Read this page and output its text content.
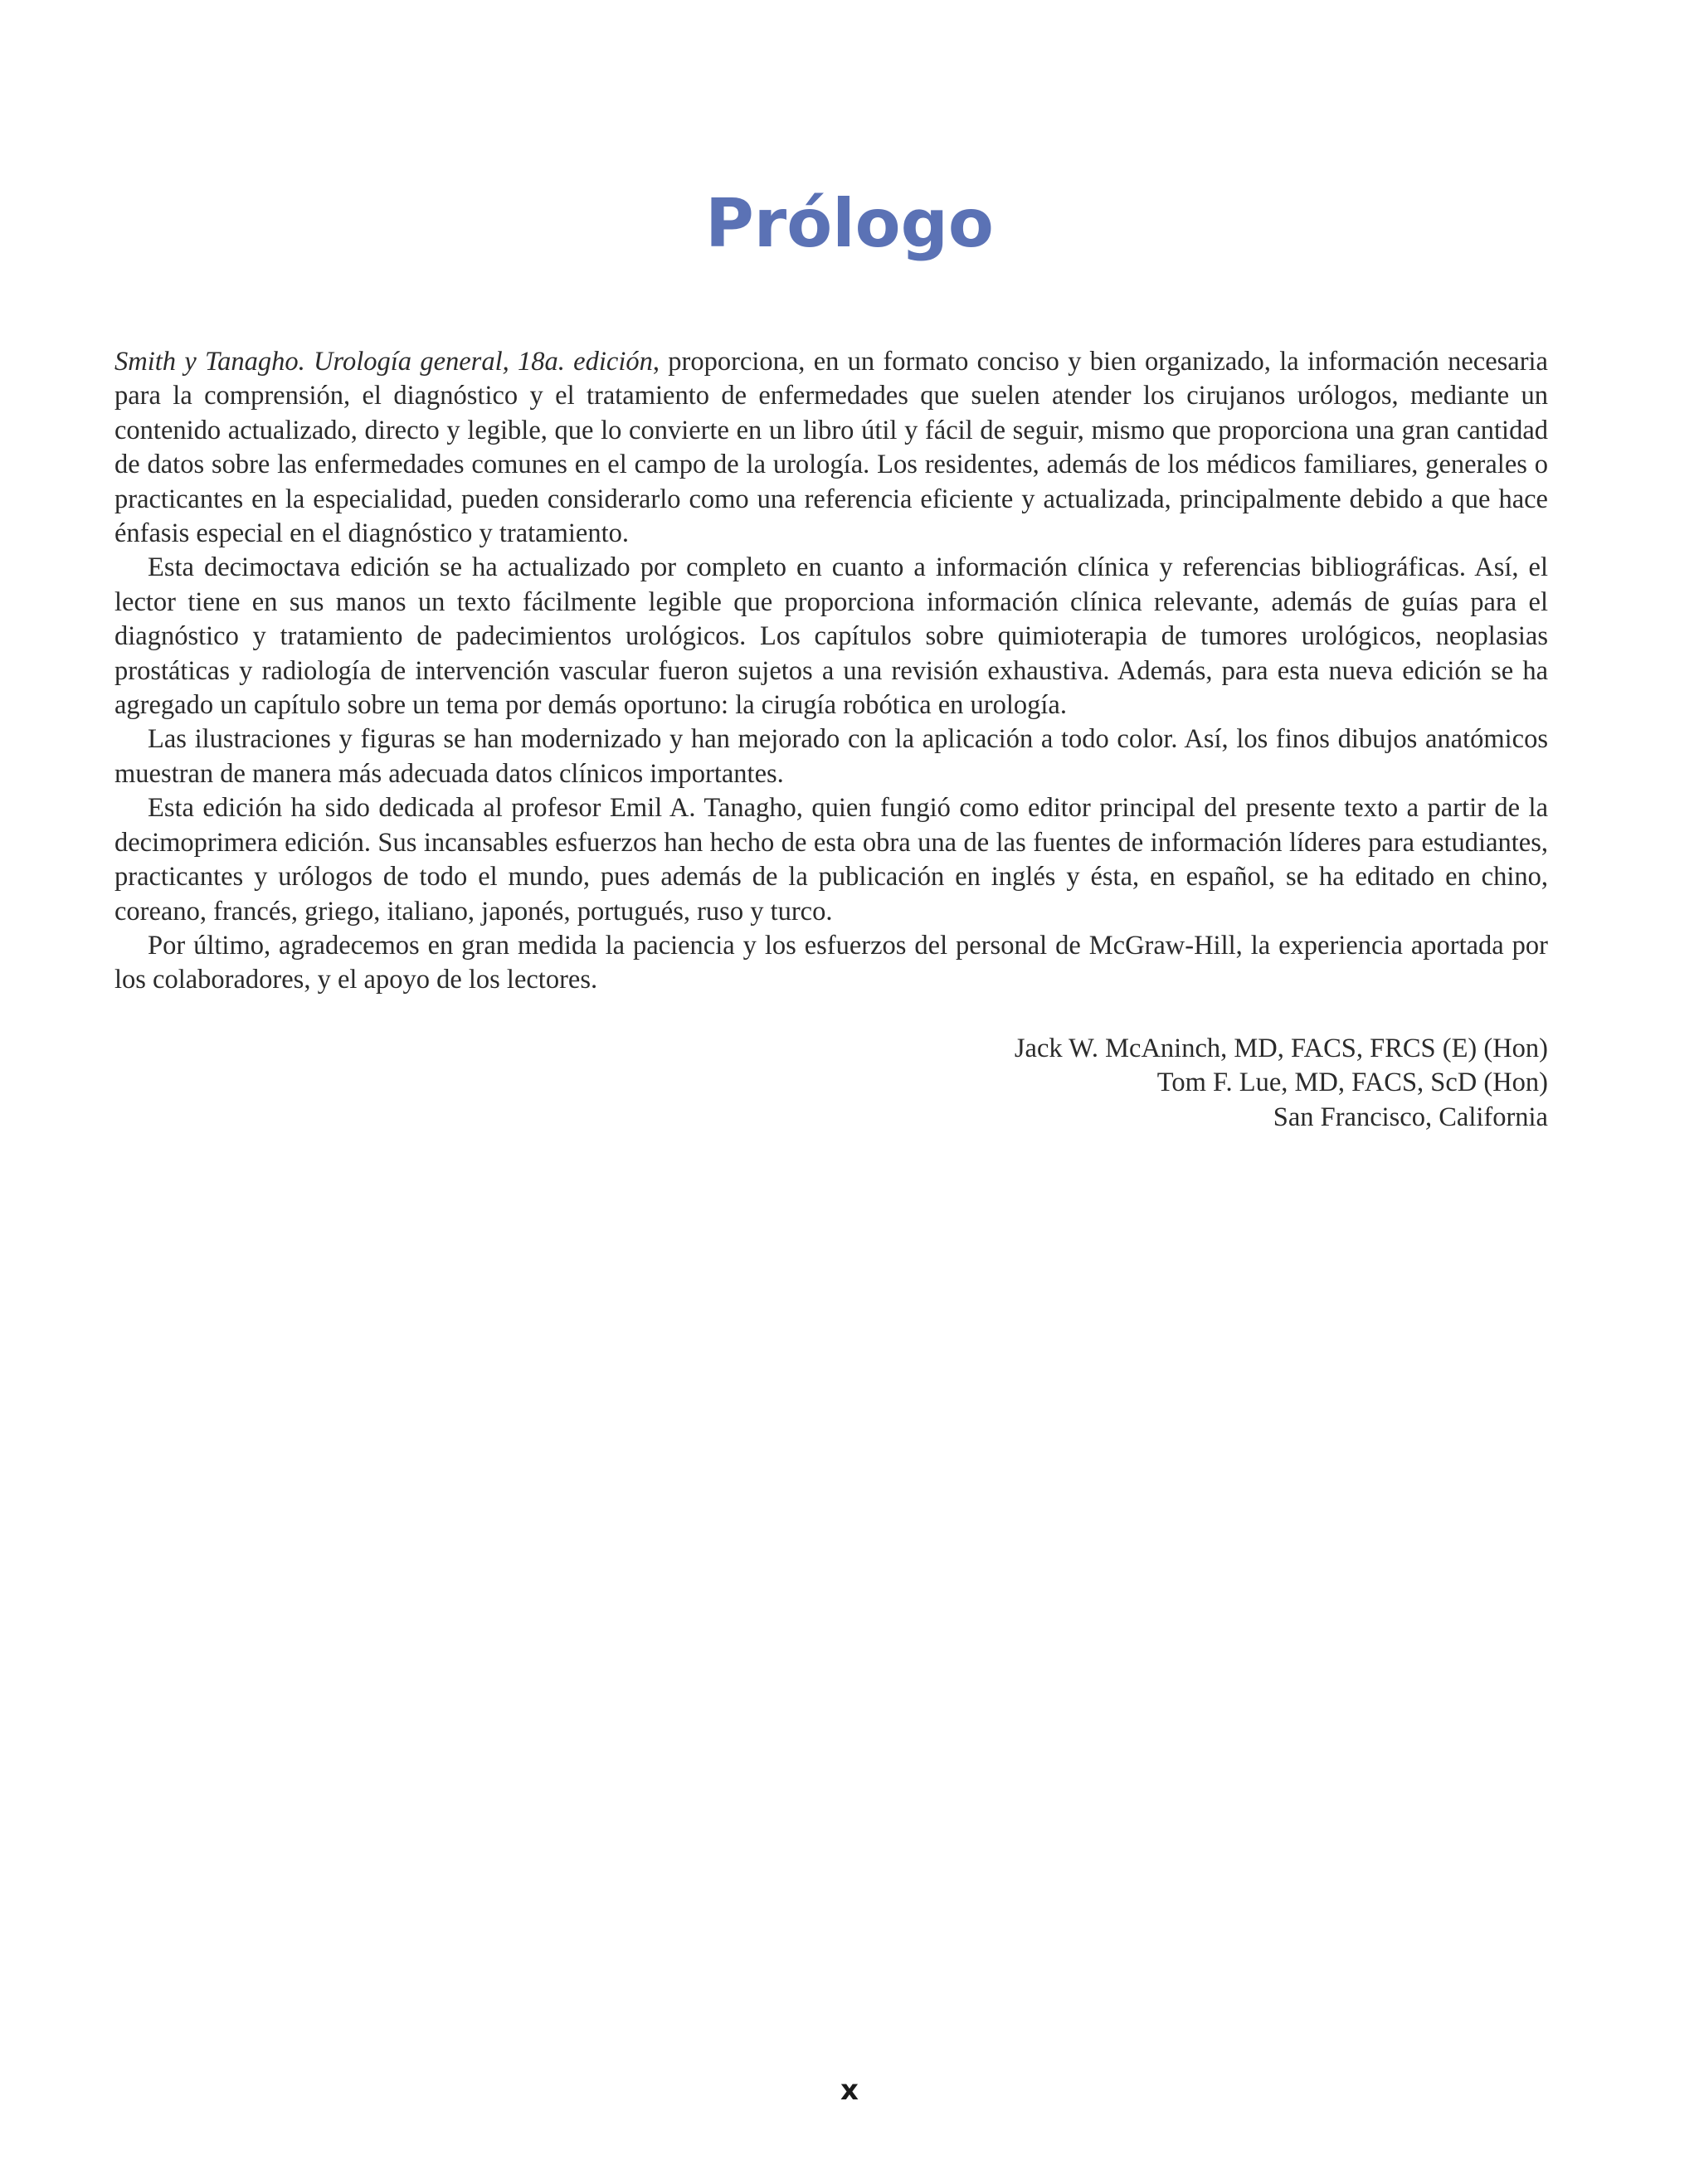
Prólogo

Smith y Tanagho. Urología general, 18a. edición, proporciona, en un formato conciso y bien organizado, la información necesaria para la comprensión, el diagnóstico y el tratamiento de enfermedades que suelen atender los cirujanos urólogos, mediante un contenido actualizado, directo y legible, que lo convierte en un libro útil y fácil de seguir, mismo que proporciona una gran cantidad de datos sobre las enfermedades comunes en el campo de la urología. Los residentes, además de los médicos familiares, generales o practicantes en la especialidad, pueden considerarlo como una referencia eficiente y actualizada, principalmente debido a que hace énfasis especial en el diagnóstico y tratamiento.

Esta decimoctava edición se ha actualizado por completo en cuanto a información clínica y referencias bibliográficas. Así, el lector tiene en sus manos un texto fácilmente legible que proporciona información clínica relevante, además de guías para el diagnóstico y tratamiento de padecimientos urológicos. Los capítulos sobre quimioterapia de tumores urológicos, neoplasias prostáticas y radiología de intervención vascular fueron sujetos a una revisión exhaustiva. Además, para esta nueva edición se ha agregado un capítulo sobre un tema por demás oportuno: la cirugía robótica en urología.

Las ilustraciones y figuras se han modernizado y han mejorado con la aplicación a todo color. Así, los finos dibujos anatómicos muestran de manera más adecuada datos clínicos importantes.

Esta edición ha sido dedicada al profesor Emil A. Tanagho, quien fungió como editor principal del presente texto a partir de la decimoprimera edición. Sus incansables esfuerzos han hecho de esta obra una de las fuentes de información líderes para estudiantes, practicantes y urólogos de todo el mundo, pues además de la publicación en inglés y ésta, en español, se ha editado en chino, coreano, francés, griego, italiano, japonés, portugués, ruso y turco.

Por último, agradecemos en gran medida la paciencia y los esfuerzos del personal de McGraw-Hill, la experiencia aportada por los colaboradores, y el apoyo de los lectores.

Jack W. McAninch, MD, FACS, FRCS (E) (Hon)
Tom F. Lue, MD, FACS, ScD (Hon)
San Francisco, California
x
